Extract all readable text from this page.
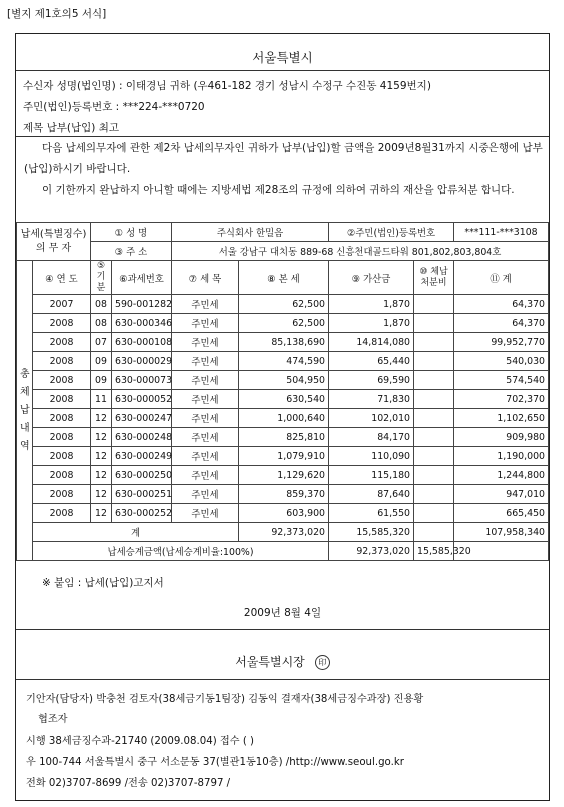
[별지 제1호의5 서식]
서울특별시
수신자 성명(법인명) : 이태경님 귀하 (우461-182 경기 성남시 수정구 수진동 4159번지)
주민(법인)등록번호 : ***224-***0720
제목 납부(납입) 최고

다음 납세의무자에 관한 제2차 납세의무자인 귀하가 납부(납입)할 금액을 2009년8월31까지 시중은행에 납부(납입)하시기 바랍니다.

이 기한까지 완납하지 아니할 때에는 지방세법 제28조의 규정에 의하여 귀하의 재산을 압류처분 합니다.

납세(특별징수) 의 무 자		① 성 명		주식회사 한밀음		②주민(법인)등록번호		***111-***3108	
		③ 주 소		서울 강남구 대치동 889-68 신흥천대골드타워 801,802,803,804호					
총 체 납 내 역	④ 연 도	⑤ 기분	⑥과세번호	⑦ 세 목	⑧ 본 세	⑨ 가산금	⑩ 체납 처분비	⑪ 계	
	2007	08	590-001282	주민세	62,500	1,870		64,370	
	2008	08	630-000346	주민세	62,500	1,870		64,370	
	2008	07	630-000108	주민세	85,138,690	14,814,080		99,952,770	
	2008	09	630-000029	주민세	474,590	65,440		540,030	
	2008	09	630-000073	주민세	504,950	69,590		574,540	
	2008	11	630-000052	주민세	630,540	71,830		702,370	
	2008	12	630-000247	주민세	1,000,640	102,010		1,102,650	
	2008	12	630-000248	주민세	825,810	84,170		909,980	
	2008	12	630-000249	주민세	1,079,910	110,090		1,190,000	
	2008	12	630-000250	주민세	1,129,620	115,180		1,244,800	
	2008	12	630-000251	주민세	859,370	87,640		947,010	
	2008	12	630-000252	주민세	603,900	61,550		665,450	
	계				92,373,020	15,585,320		107,958,340	
	납세승계금액(납세승계비율:100%)					92,373,020	15,585,320		
※ 붙임 : 납세(납입)고지서
2009년 8월 4일
서울특별시장 印
기안자(담당자) 박충천 검토자(38세금기동1팀장) 김동익 결재자(38세금징수과장) 진용황
협조자
시행 38세금징수과-21740 (2009.08.04) 접수 ( )
우 100-744 서울특별시 중구 서소문동 37(별관1동10층) /http://www.seoul.go.kr
전화 02)3707-8699 /전송 02)3707-8797 /
